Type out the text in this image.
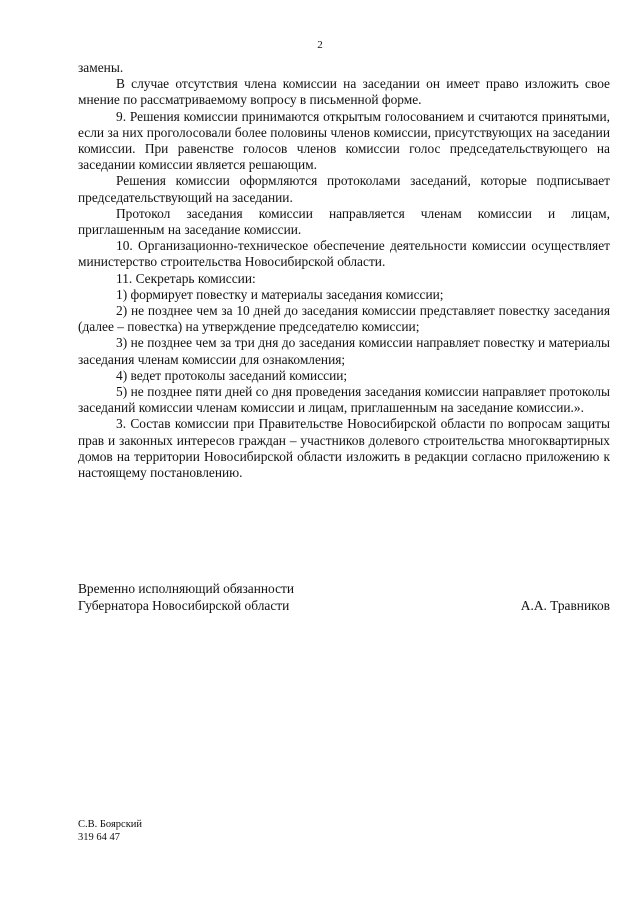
2

замены.

В случае отсутствия члена комиссии на заседании он имеет право изложить свое мнение по рассматриваемому вопросу в письменной форме.

9. Решения комиссии принимаются открытым голосованием и считаются принятыми, если за них проголосовали более половины членов комиссии, присутствующих на заседании комиссии. При равенстве голосов членов комиссии голос председательствующего на заседании комиссии является решающим.

Решения комиссии оформляются протоколами заседаний, которые подписывает председательствующий на заседании.

Протокол заседания комиссии направляется членам комиссии и лицам, приглашенным на заседание комиссии.

10. Организационно-техническое обеспечение деятельности комиссии осуществляет министерство строительства Новосибирской области.

11. Секретарь комиссии:

1) формирует повестку и материалы заседания комиссии;

2) не позднее чем за 10 дней до заседания комиссии представляет повестку заседания (далее – повестка) на утверждение председателю комиссии;

3) не позднее чем за три дня до заседания комиссии направляет повестку и материалы заседания членам комиссии для ознакомления;

4) ведет протоколы заседаний комиссии;

5) не позднее пяти дней со дня проведения заседания комиссии направляет протоколы заседаний комиссии членам комиссии и лицам, приглашенным на заседание комиссии.».

3. Состав комиссии при Правительстве Новосибирской области по вопросам защиты прав и законных интересов граждан – участников долевого строительства многоквартирных домов на территории Новосибирской области изложить в редакции согласно приложению к настоящему постановлению.

Временно исполняющий обязанности
Губернатора Новосибирской области	А.А. Травников
С.В. Боярский
319 64 47
